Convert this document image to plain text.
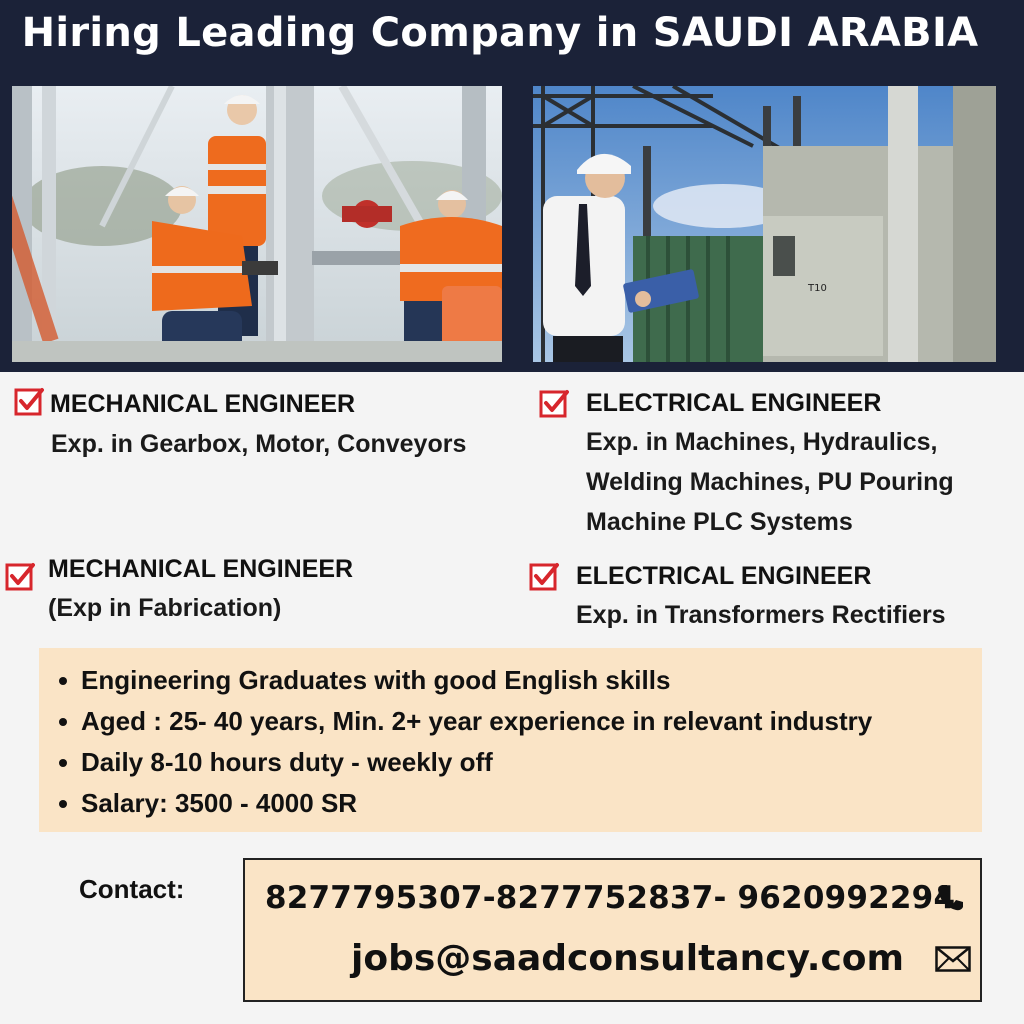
Hiring Leading Company in SAUDI ARABIA
T10
MECHANICAL ENGINEER
Exp. in Gearbox, Motor, Conveyors
ELECTRICAL ENGINEER
Exp. in Machines, Hydraulics,
Welding Machines, PU Pouring
Machine PLC Systems
MECHANICAL ENGINEER
(Exp in Fabrication)
ELECTRICAL ENGINEER
Exp. in Transformers Rectifiers
Engineering Graduates with good English skills
Aged : 25- 40 years, Min. 2+ year experience in relevant industry
Daily 8-10 hours duty - weekly off
Salary: 3500 - 4000 SR
Contact:	8277795307-8277752837- 9620992294
jobs@saadconsultancy.com
